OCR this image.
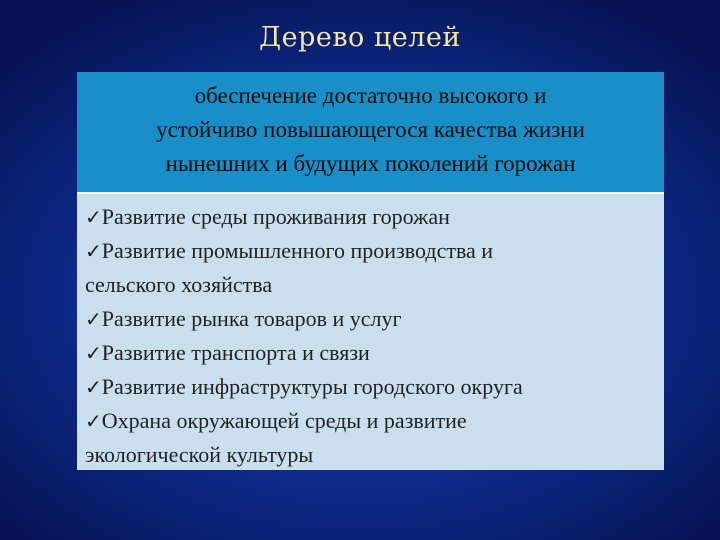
Дерево целей
обеспечение достаточно высокого и
устойчиво повышающегося качества жизни
нынешних и будущих поколений горожан
✓Развитие среды проживания горожан
✓Развитие промышленного производства и
сельского хозяйства
✓Развитие рынка товаров и услуг
✓Развитие транспорта и связи
✓Развитие инфраструктуры городского округа
✓Охрана окружающей среды и развитие
экологической культуры
